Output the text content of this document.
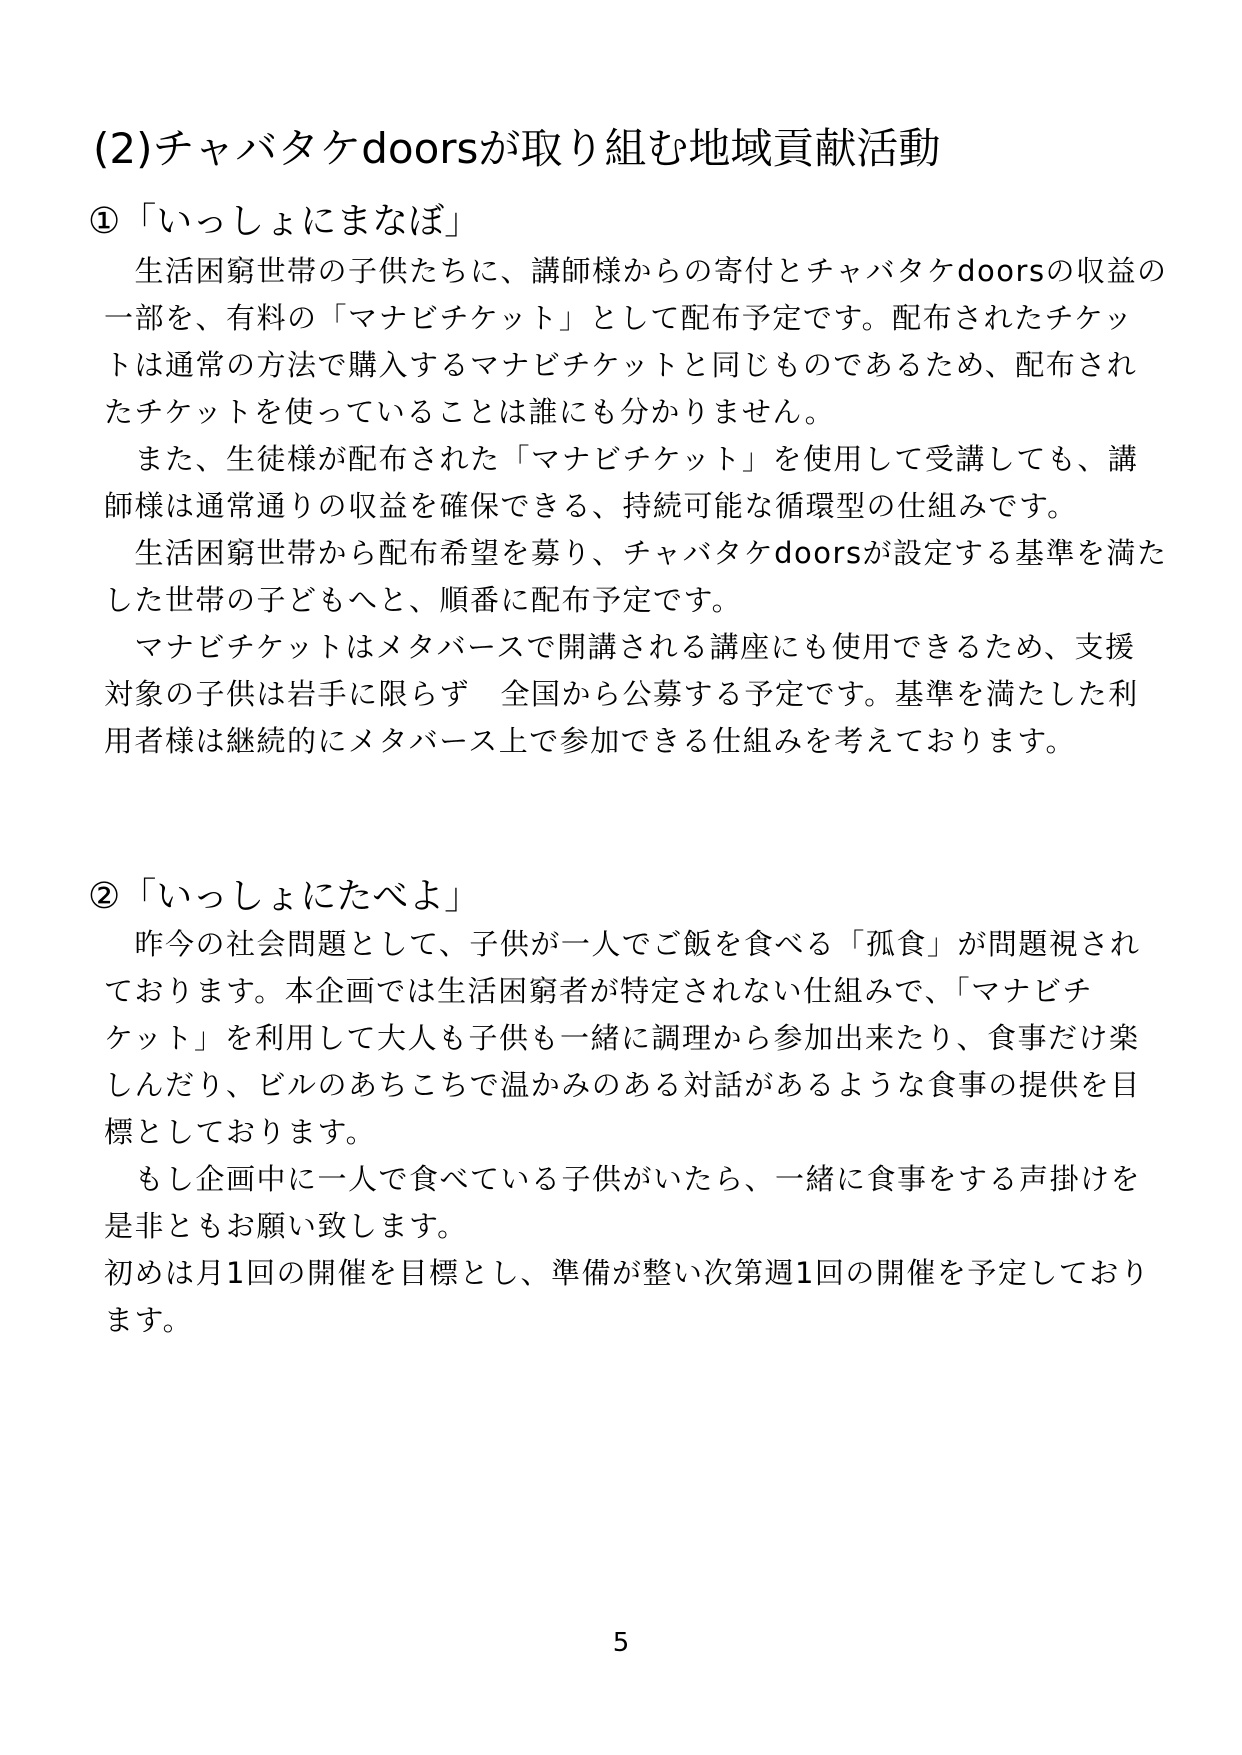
(2)チャバタケdoorsが取り組む地域貢献活動
①「いっしょにまなぼ」
　生活困窮世帯の子供たちに、講師様からの寄付とチャバタケdoorsの収益の
一部を、有料の「マナビチケット」として配布予定です。配布されたチケッ
トは通常の方法で購入するマナビチケットと同じものであるため、配布され
たチケットを使っていることは誰にも分かりません。
　また、生徒様が配布された「マナビチケット」を使用して受講しても、講
師様は通常通りの収益を確保できる、持続可能な循環型の仕組みです。
　生活困窮世帯から配布希望を募り、チャバタケdoorsが設定する基準を満た
した世帯の子どもへと、順番に配布予定です。
　マナビチケットはメタバースで開講される講座にも使用できるため、支援
対象の子供は岩手に限らず　全国から公募する予定です。基準を満たした利
用者様は継続的にメタバース上で参加できる仕組みを考えております。
②「いっしょにたべよ」
　昨今の社会問題として、子供が一人でご飯を食べる「孤食」が問題視され
ております。本企画では生活困窮者が特定されない仕組みで、「マナビチ
ケット」を利用して大人も子供も一緒に調理から参加出来たり、食事だけ楽
しんだり、ビルのあちこちで温かみのある対話があるような食事の提供を目
標としております。
　もし企画中に一人で食べている子供がいたら、一緒に食事をする声掛けを
是非ともお願い致します。
初めは月1回の開催を目標とし、準備が整い次第週1回の開催を予定しており
ます。
5
